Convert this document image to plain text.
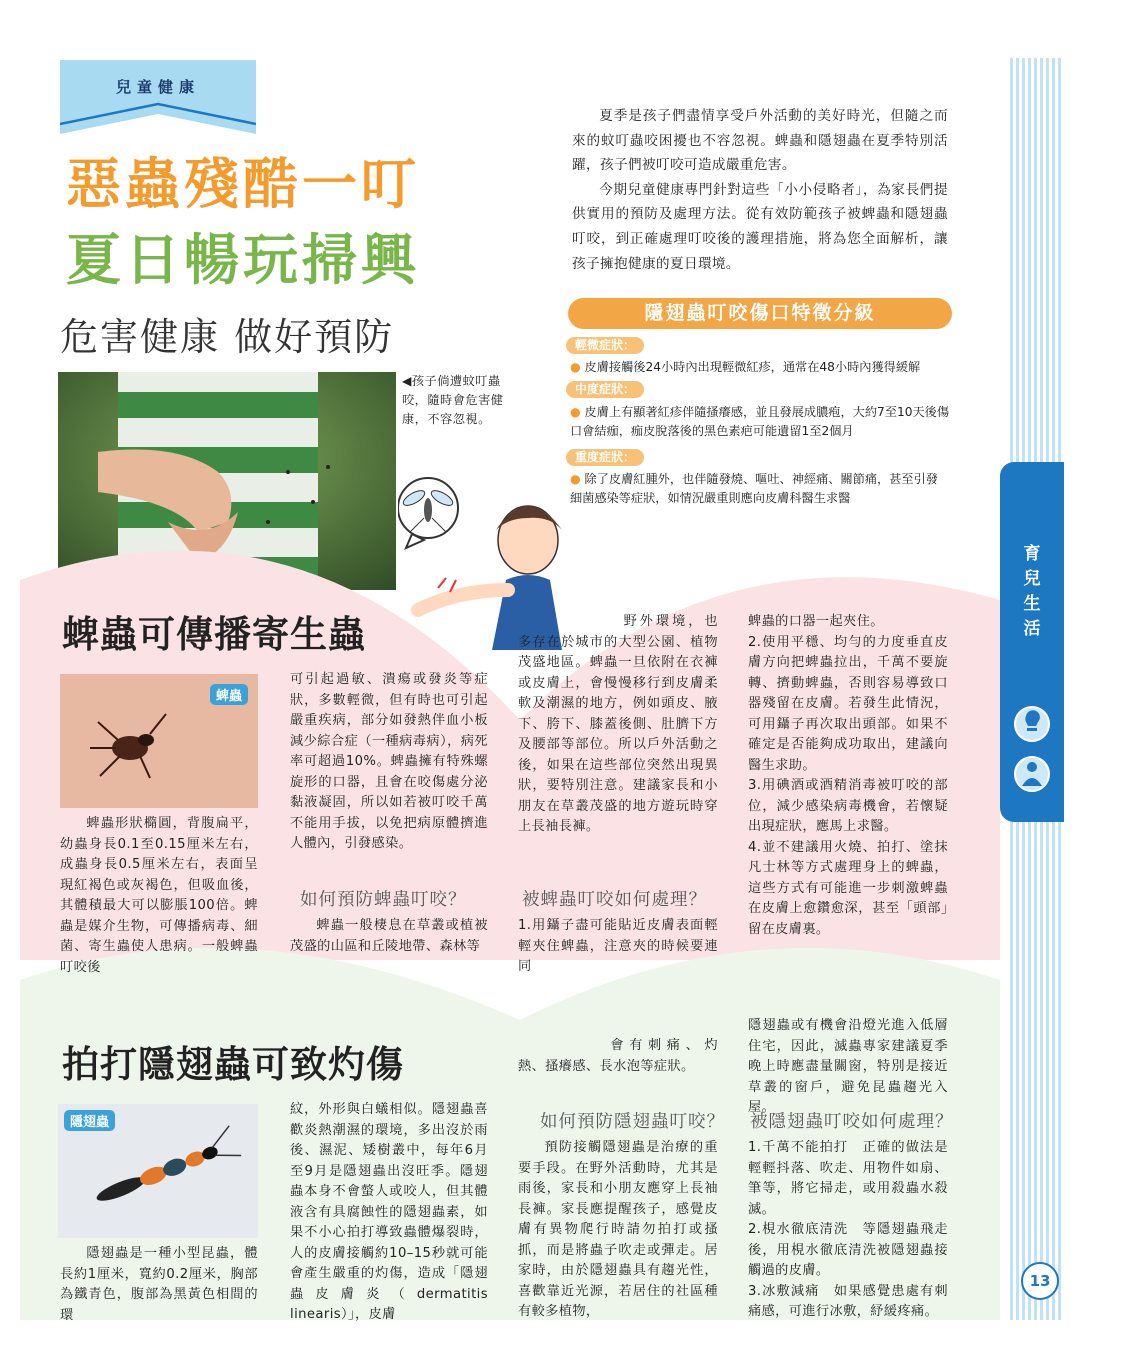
育兒生活
13
兒童健康
惡蟲殘酷一叮
夏日暢玩掃興
危害健康 做好預防
夏季是孩子們盡情享受戶外活動的美好時光，但隨之而來的蚊叮蟲咬困擾也不容忽視。蜱蟲和隱翅蟲在夏季特別活躍，孩子們被叮咬可造成嚴重危害。
今期兒童健康專門針對這些「小小侵略者」，為家長們提供實用的預防及處理方法。從有效防範孩子被蜱蟲和隱翅蟲叮咬，到正確處理叮咬後的護理措施，將為您全面解析，讓孩子擁抱健康的夏日環境。
◀孩子倘遭蚊叮蟲咬，隨時會危害健康，不容忽視。
隱翅蟲叮咬傷口特徵分級
輕微症狀：
● 皮膚接觸後24小時內出現輕微紅疹，通常在48小時內獲得緩解
中度症狀：
● 皮膚上有顯著紅疹伴隨搔癢感，並且發展成膿疱，大約7至10天後傷口會結痂，痂皮脫落後的黑色素疤可能遺留1至2個月
重度症狀：
● 除了皮膚紅腫外，也伴隨發燒、嘔吐、神經痛、關節痛，甚至引發細菌感染等症狀，如情況嚴重則應向皮膚科醫生求醫
蜱蟲可傳播寄生蟲
蜱蟲
蜱蟲形狀橢圓，背腹扁平，幼蟲身長0.1至0.15厘米左右，成蟲身長0.5厘米左右，表面呈現紅褐色或灰褐色，但吸血後，其體積最大可以膨脹100倍。蜱蟲是媒介生物，可傳播病毒、細菌、寄生蟲使人患病。一般蜱蟲叮咬後
可引起過敏、潰瘍或發炎等症狀，多數輕微，但有時也可引起嚴重疾病，部分如發熱伴血小板減少綜合症（一種病毒病），病死率可超過10%。蜱蟲擁有特殊螺旋形的口器，且會在咬傷處分泌黏液凝固，所以如若被叮咬千萬不能用手拔，以免把病原體擠進人體內，引發感染。
如何預防蜱蟲叮咬？
蜱蟲一般棲息在草叢或植被茂盛的山區和丘陵地帶、森林等
野外環境，也多存在於城市的大型公園、植物茂盛地區。蜱蟲一旦依附在衣褲或皮膚上，會慢慢移行到皮膚柔軟及潮濕的地方，例如頭皮、腋下、胯下、膝蓋後側、肚臍下方及腰部等部位。所以戶外活動之後，如果在這些部位突然出現異狀，要特別注意。建議家長和小朋友在草叢茂盛的地方遊玩時穿上長袖長褲。
被蜱蟲叮咬如何處理？
1.用鑷子盡可能貼近皮膚表面輕輕夾住蜱蟲，注意夾的時候要連同
蜱蟲的口器一起夾住。
2.使用平穩、均勻的力度垂直皮膚方向把蜱蟲拉出，千萬不要旋轉、擠動蜱蟲，否則容易導致口器殘留在皮膚。若發生此情況，可用鑷子再次取出頭部。如果不確定是否能夠成功取出，建議向醫生求助。
3.用碘酒或酒精消毒被叮咬的部位，減少感染病毒機會，若懷疑出現症狀，應馬上求醫。
4.並不建議用火燒、拍打、塗抹凡士林等方式處理身上的蜱蟲，這些方式有可能進一步刺激蜱蟲在皮膚上愈鑽愈深，甚至「頭部」留在皮膚裏。
拍打隱翅蟲可致灼傷
隱翅蟲
隱翅蟲是一種小型昆蟲，體長約1厘米，寬約0.2厘米，胸部為鐵青色，腹部為黑黃色相間的環
紋，外形與白蟻相似。隱翅蟲喜歡炎熱潮濕的環境，多出沒於雨後、濕泥、矮樹叢中，每年6月至9月是隱翅蟲出沒旺季。隱翅蟲本身不會螫人或咬人，但其體液含有具腐蝕性的隱翅蟲素，如果不小心拍打導致蟲體爆裂時，人的皮膚接觸約10–15秒就可能會產生嚴重的灼傷，造成「隱翅蟲皮膚炎（dermatitis linearis）」，皮膚
會有刺痛、灼熱、搔癢感、長水泡等症狀。
如何預防隱翅蟲叮咬？
預防接觸隱翅蟲是治療的重要手段。在野外活動時，尤其是雨後，家長和小朋友應穿上長袖長褲。家長應提醒孩子，感覺皮膚有異物爬行時請勿拍打或搔抓，而是將蟲子吹走或彈走。居家時，由於隱翅蟲具有趨光性，喜歡靠近光源，若居住的社區種有較多植物，
隱翅蟲或有機會沿燈光進入低層住宅，因此，滅蟲專家建議夏季晚上時應盡量關窗，特別是接近草叢的窗戶，避免昆蟲趨光入屋。
被隱翅蟲叮咬如何處理？
1.千萬不能拍打　正確的做法是輕輕抖落、吹走、用物件如扇、筆等，將它掃走，或用殺蟲水殺滅。
2.梘水徹底清洗　等隱翅蟲飛走後，用梘水徹底清洗被隱翅蟲接觸過的皮膚。
3.冰敷減痛　如果感覺患處有刺痛感，可進行冰敷，紓緩疼痛。
